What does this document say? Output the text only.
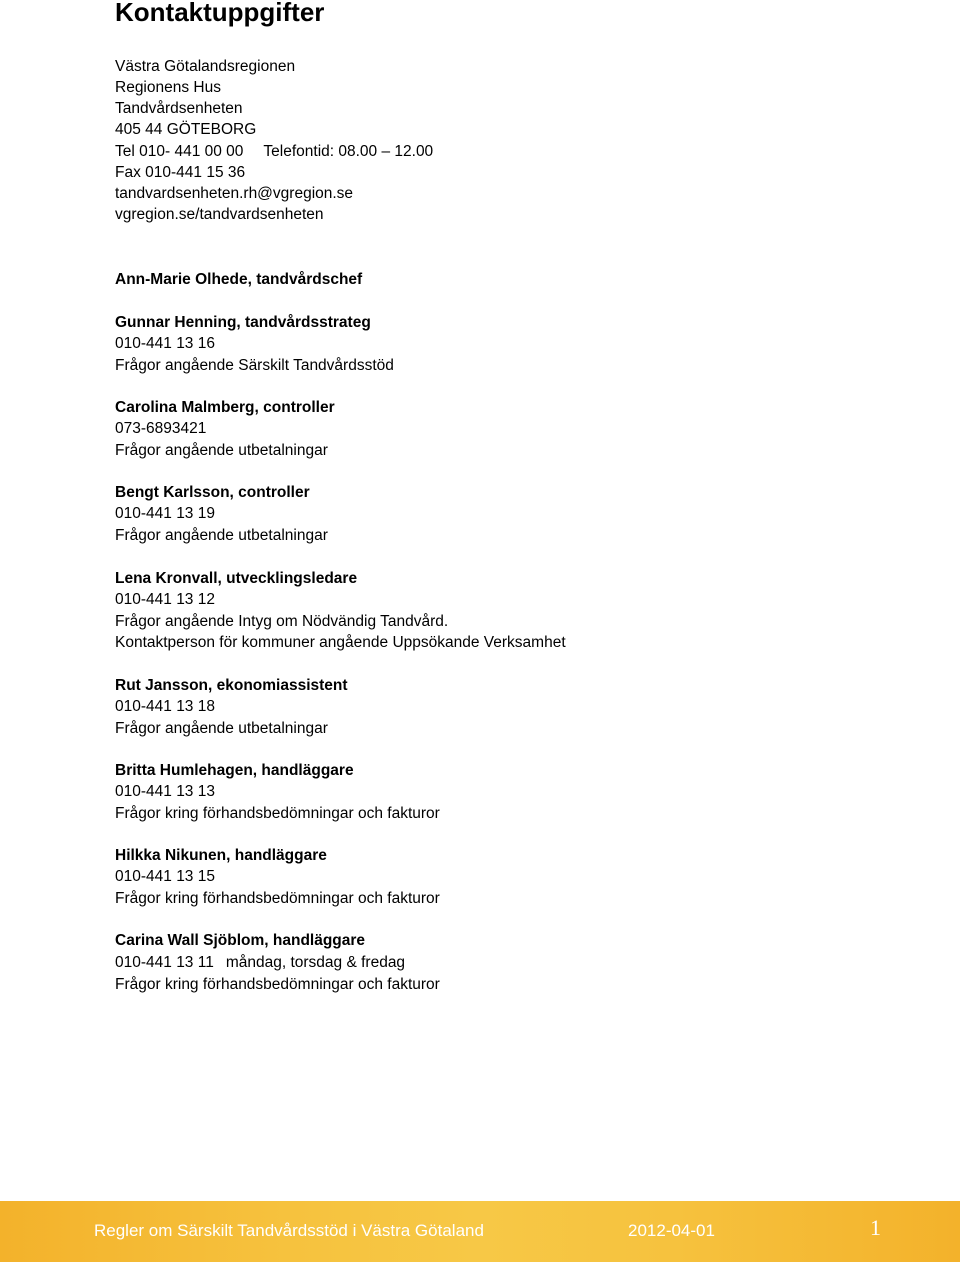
Kontaktuppgifter
Västra Götalandsregionen
Regionens Hus
Tandvårdsenheten
405 44 GÖTEBORG
Tel 010- 441 00 00 Telefontid: 08.00 – 12.00
Fax 010-441 15 36
tandvardsenheten.rh@vgregion.se
vgregion.se/tandvardsenheten
Ann-Marie Olhede, tandvårdschef
Gunnar Henning, tandvårdsstrateg
010-441 13 16
Frågor angående Särskilt Tandvårdsstöd
Carolina Malmberg, controller
073-6893421
Frågor angående utbetalningar
Bengt Karlsson, controller
010-441 13 19
Frågor angående utbetalningar
Lena Kronvall, utvecklingsledare
010-441 13 12
Frågor angående Intyg om Nödvändig Tandvård.
Kontaktperson för kommuner angående Uppsökande Verksamhet
Rut Jansson, ekonomiassistent
010-441 13 18
Frågor angående utbetalningar
Britta Humlehagen, handläggare
010-441 13 13
Frågor kring förhandsbedömningar och fakturor
Hilkka Nikunen, handläggare
010-441 13 15
Frågor kring förhandsbedömningar och fakturor
Carina Wall Sjöblom, handläggare
010-441 13 11 måndag, torsdag & fredag
Frågor kring förhandsbedömningar och fakturor
Regler om Särskilt Tandvårdsstöd i Västra Götaland	2012-04-01	1
